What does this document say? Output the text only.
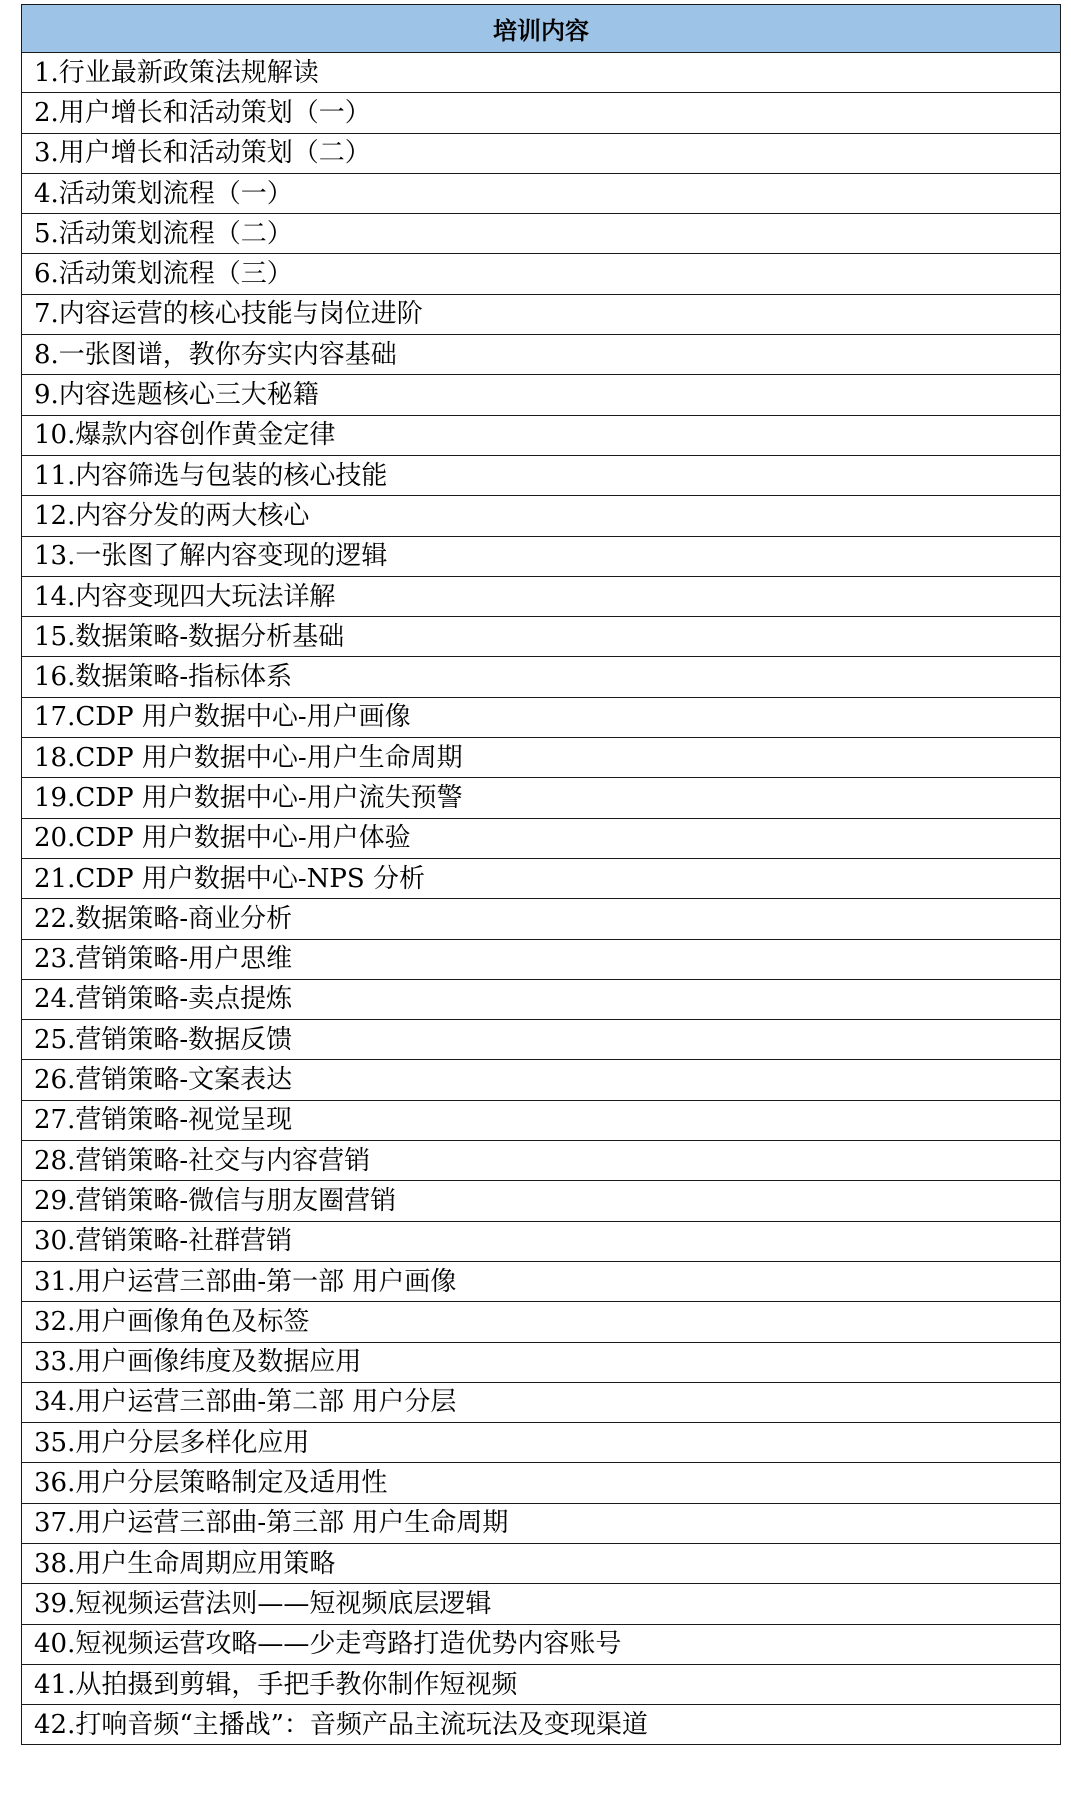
培训内容
1.行业最新政策法规解读
2.用户增长和活动策划（一）
3.用户增长和活动策划（二）
4.活动策划流程（一）
5.活动策划流程（二）
6.活动策划流程（三）
7.内容运营的核心技能与岗位进阶
8.一张图谱，教你夯实内容基础
9.内容选题核心三大秘籍
10.爆款内容创作黄金定律
11.内容筛选与包装的核心技能
12.内容分发的两大核心
13.一张图了解内容变现的逻辑
14.内容变现四大玩法详解
15.数据策略-数据分析基础
16.数据策略-指标体系
17.CDP 用户数据中心-用户画像
18.CDP 用户数据中心-用户生命周期
19.CDP 用户数据中心-用户流失预警
20.CDP 用户数据中心-用户体验
21.CDP 用户数据中心-NPS 分析
22.数据策略-商业分析
23.营销策略-用户思维
24.营销策略-卖点提炼
25.营销策略-数据反馈
26.营销策略-文案表达
27.营销策略-视觉呈现
28.营销策略-社交与内容营销
29.营销策略-微信与朋友圈营销
30.营销策略-社群营销
31.用户运营三部曲-第一部 用户画像
32.用户画像角色及标签
33.用户画像纬度及数据应用
34.用户运营三部曲-第二部 用户分层
35.用户分层多样化应用
36.用户分层策略制定及适用性
37.用户运营三部曲-第三部 用户生命周期
38.用户生命周期应用策略
39.短视频运营法则——短视频底层逻辑
40.短视频运营攻略——少走弯路打造优势内容账号
41.从拍摄到剪辑，手把手教你制作短视频
42.打响音频“主播战”：音频产品主流玩法及变现渠道
